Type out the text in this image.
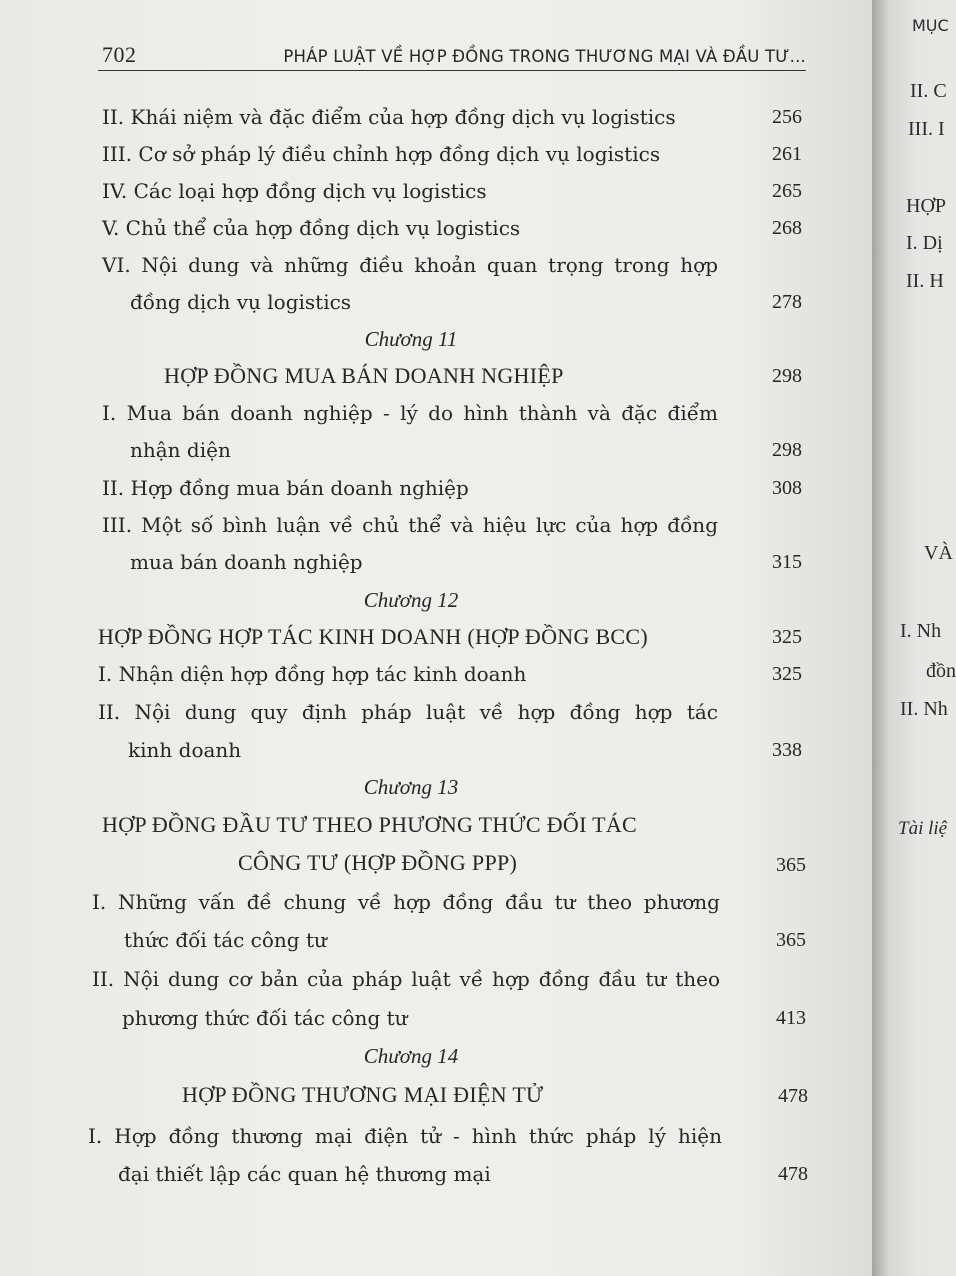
702	PHÁP LUẬT VỀ HỢP ĐỒNG TRONG THƯƠNG MẠI VÀ ĐẦU TƯ...
II. Khái niệm và đặc điểm của hợp đồng dịch vụ logistics	256
III. Cơ sở pháp lý điều chỉnh hợp đồng dịch vụ logistics	261
IV. Các loại hợp đồng dịch vụ logistics	265
V. Chủ thể của hợp đồng dịch vụ logistics	268
VI. Nội dung và những điều khoản quan trọng trong hợp
đồng dịch vụ logistics	278
Chương 11
HỢP ĐỒNG MUA BÁN DOANH NGHIỆP	298
I. Mua bán doanh nghiệp - lý do hình thành và đặc điểm
nhận diện	298
II. Hợp đồng mua bán doanh nghiệp	308
III. Một số bình luận về chủ thể và hiệu lực của hợp đồng
mua bán doanh nghiệp	315
Chương 12
HỢP ĐỒNG HỢP TÁC KINH DOANH (HỢP ĐỒNG BCC)	325
I. Nhận diện hợp đồng hợp tác kinh doanh	325
II. Nội dung quy định pháp luật về hợp đồng hợp tác
kinh doanh	338
Chương 13
HỢP ĐỒNG ĐẦU TƯ THEO PHƯƠNG THỨC ĐỐI TÁC
CÔNG TƯ (HỢP ĐỒNG PPP)	365
I. Những vấn đề chung về hợp đồng đầu tư theo phương
thức đối tác công tư	365
II. Nội dung cơ bản của pháp luật về hợp đồng đầu tư theo
phương thức đối tác công tư	413
Chương 14
HỢP ĐỒNG THƯƠNG MẠI ĐIỆN TỬ	478
I. Hợp đồng thương mại điện tử - hình thức pháp lý hiện
đại thiết lập các quan hệ thương mại	478
MỤC
II. C
III. I
HỢP
I. Dị
II. H
VÀ
I. Nh
đồn
II. Nh
Tài liệ
